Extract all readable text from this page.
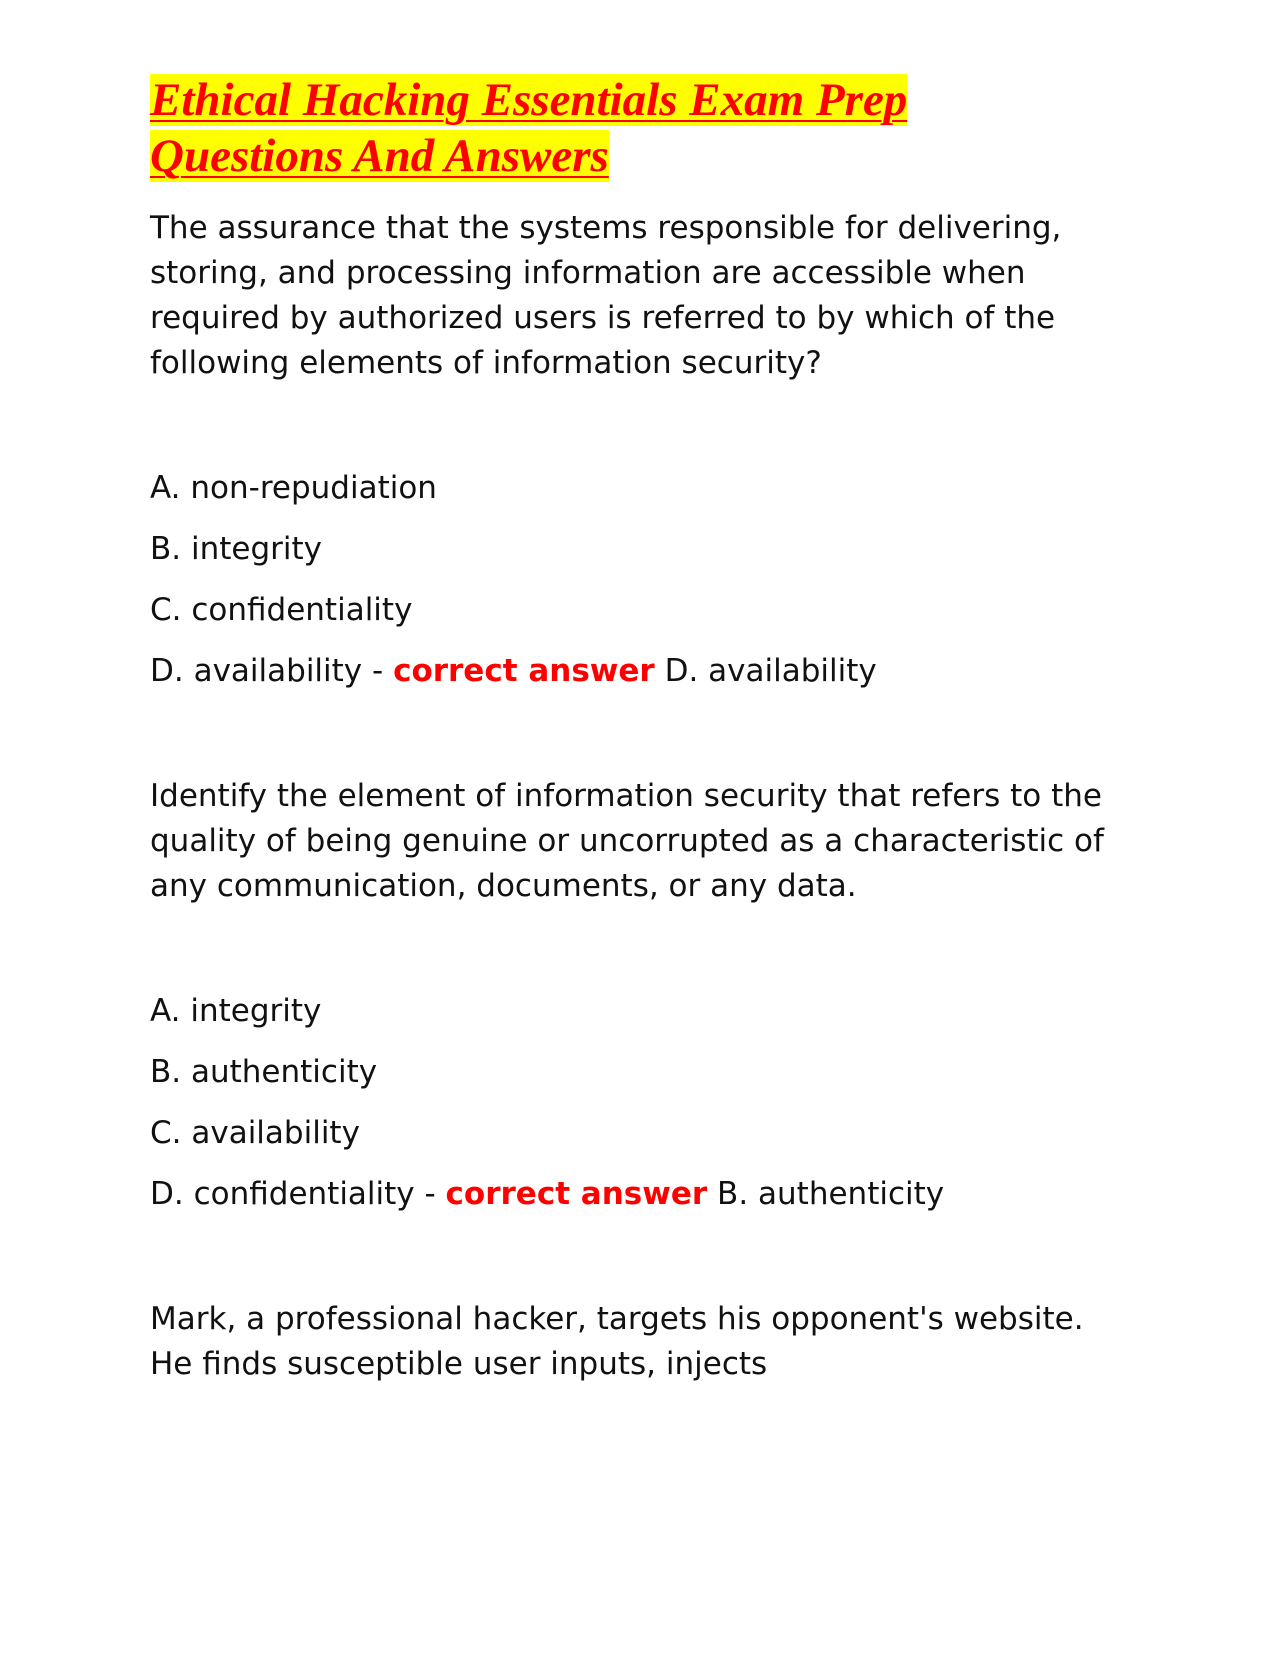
Ethical Hacking Essentials Exam Prep
Questions And Answers

The assurance that the systems responsible for delivering, storing, and processing information are accessible when required by authorized users is referred to by which of the following elements of information security?

A. non-repudiation
B. integrity
C. confidentiality
D. availability - correct answer D. availability

Identify the element of information security that refers to the quality of being genuine or uncorrupted as a characteristic of any communication, documents, or any data.

A. integrity
B. authenticity
C. availability
D. confidentiality - correct answer B. authenticity

Mark, a professional hacker, targets his opponent's website. He finds susceptible user inputs, injects
